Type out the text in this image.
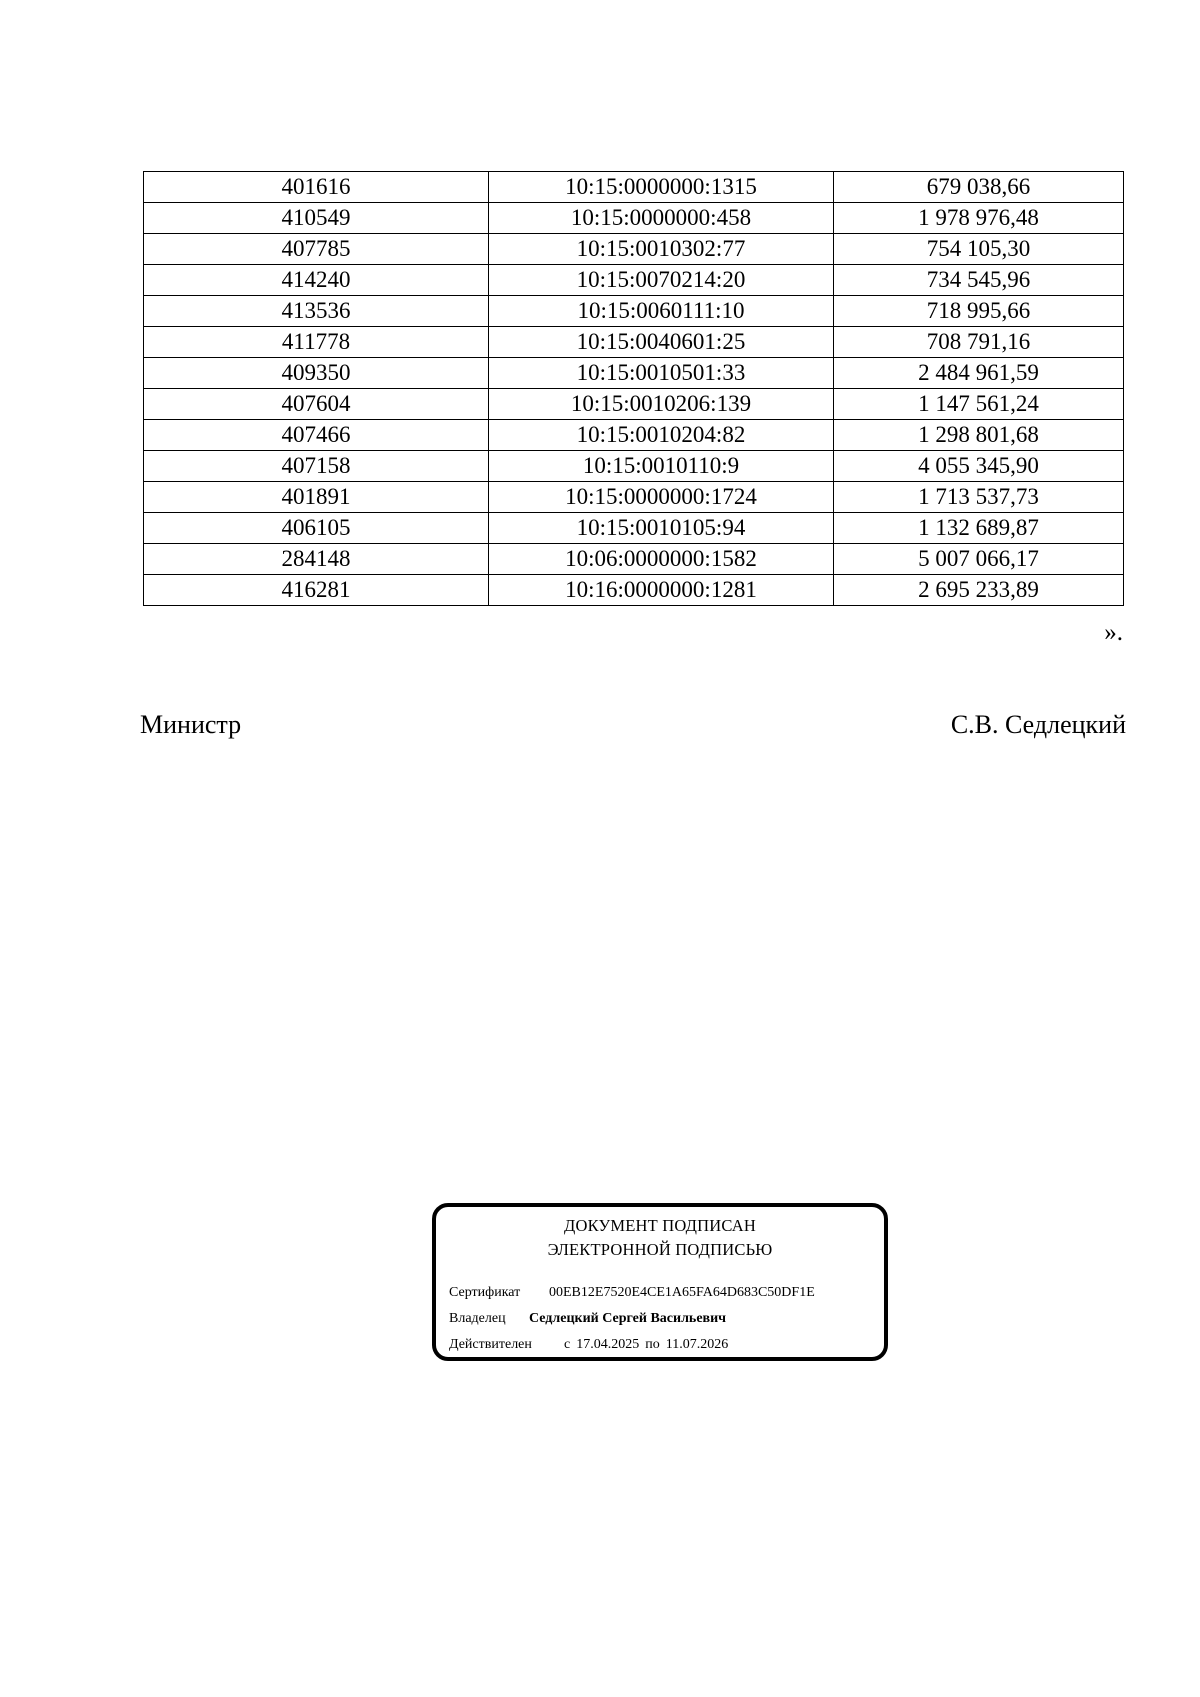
401616	10:15:0000000:1315	679 038,66
410549	10:15:0000000:458	1 978 976,48
407785	10:15:0010302:77	754 105,30
414240	10:15:0070214:20	734 545,96
413536	10:15:0060111:10	718 995,66
411778	10:15:0040601:25	708 791,16
409350	10:15:0010501:33	2 484 961,59
407604	10:15:0010206:139	1 147 561,24
407466	10:15:0010204:82	1 298 801,68
407158	10:15:0010110:9	4 055 345,90
401891	10:15:0000000:1724	1 713 537,73
406105	10:15:0010105:94	1 132 689,87
284148	10:06:0000000:1582	5 007 066,17
416281	10:16:0000000:1281	2 695 233,89
».
Министр	С.В. Седлецкий
ДОКУМЕНТ ПОДПИСАН
ЭЛЕКТРОННОЙ ПОДПИСЬЮ
Сертификат	00EB12E7520E4CE1A65FA64D683C50DF1E
Владелец	Седлецкий Сергей Васильевич
Действителен	с 17.04.2025 по 11.07.2026
